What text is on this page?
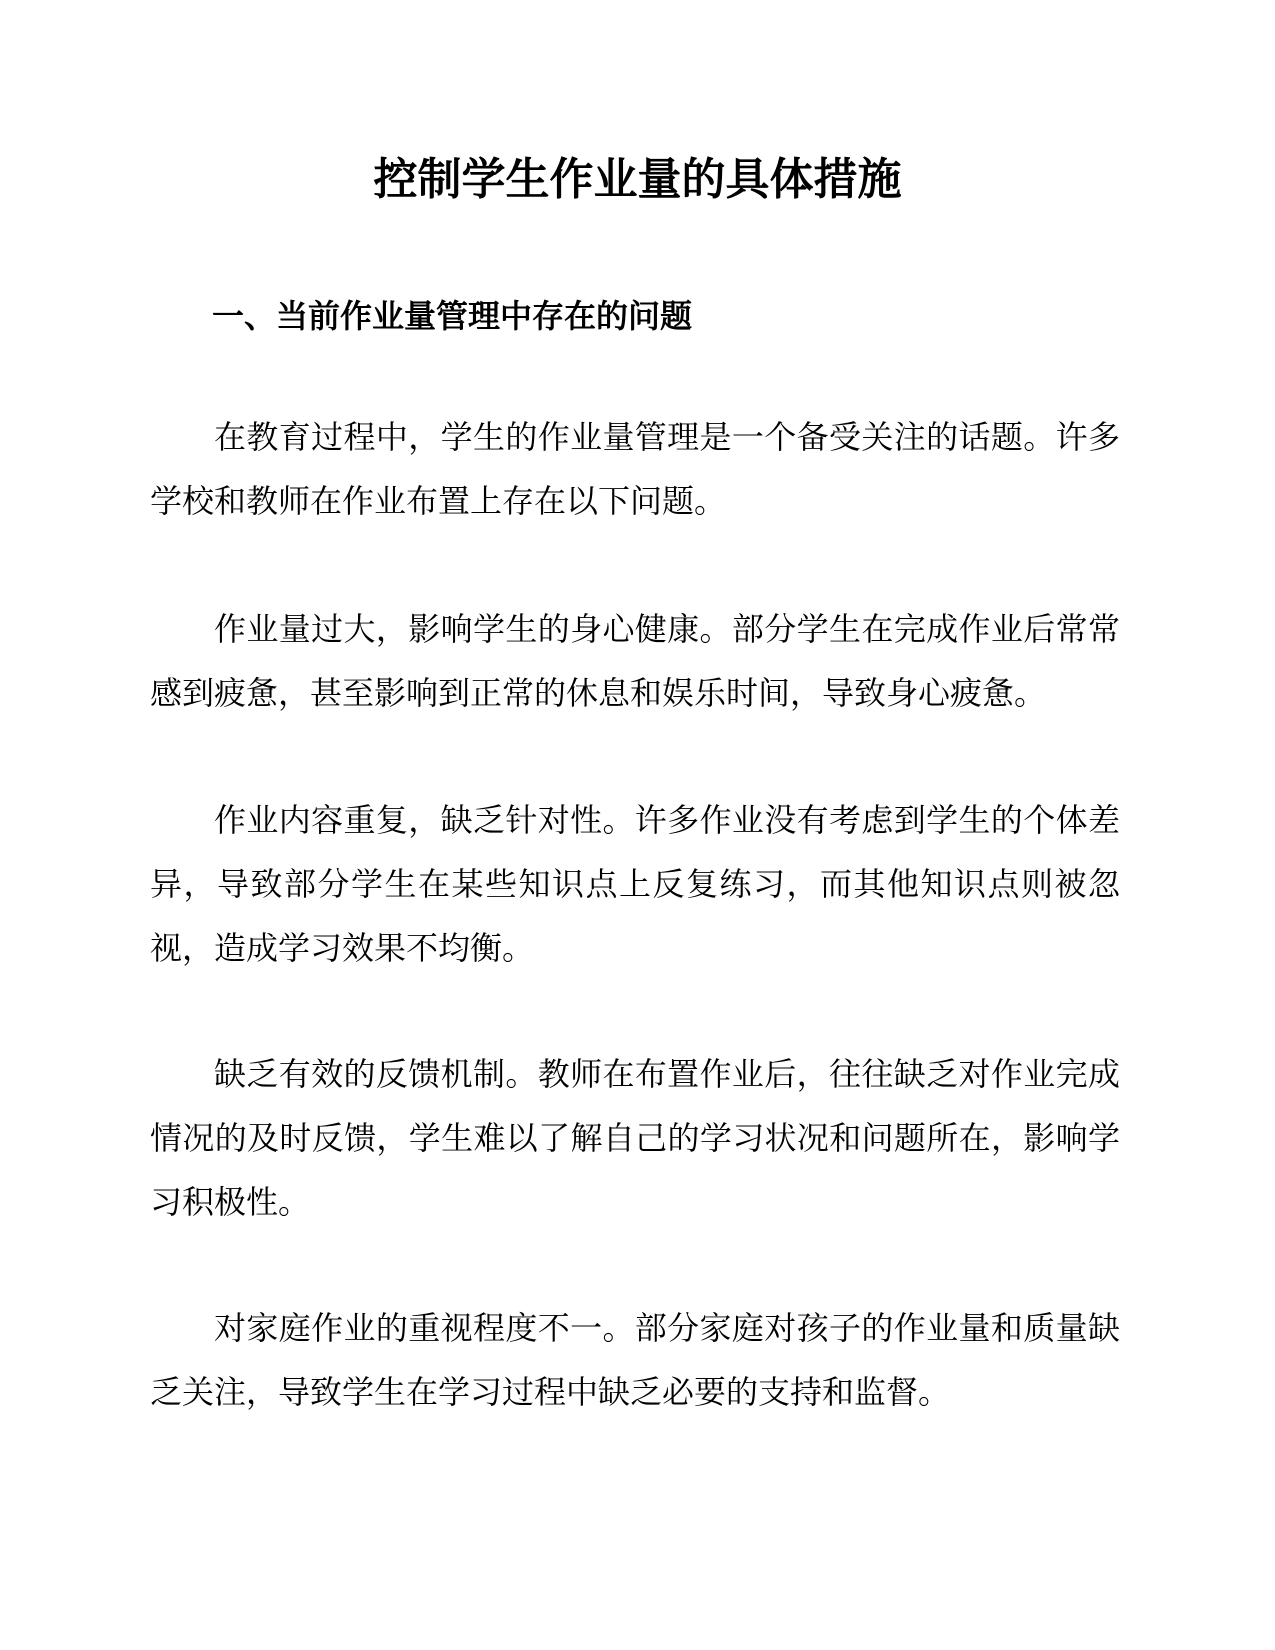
控制学生作业量的具体措施
一、当前作业量管理中存在的问题

在教育过程中，学生的作业量管理是一个备受关注的话题。许多学校和教师在作业布置上存在以下问题。

作业量过大，影响学生的身心健康。部分学生在完成作业后常常感到疲惫，甚至影响到正常的休息和娱乐时间，导致身心疲惫。

作业内容重复，缺乏针对性。许多作业没有考虑到学生的个体差异，导致部分学生在某些知识点上反复练习，而其他知识点则被忽视，造成学习效果不均衡。

缺乏有效的反馈机制。教师在布置作业后，往往缺乏对作业完成情况的及时反馈，学生难以了解自己的学习状况和问题所在，影响学习积极性。

对家庭作业的重视程度不一。部分家庭对孩子的作业量和质量缺乏关注，导致学生在学习过程中缺乏必要的支持和监督。
